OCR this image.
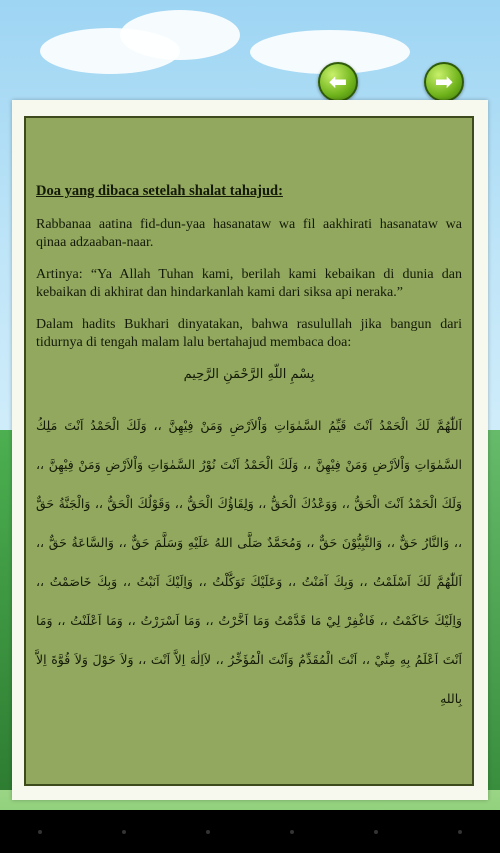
⬅	➡

Doa yang dibaca setelah shalat tahajud:

Rabbanaa aatina fid-dun-yaa hasanataw wa fil aakhirati hasanataw wa qinaa adzaaban-naar.

Artinya: “Ya Allah Tuhan kami, berilah kami kebaikan di dunia dan kebaikan di akhirat dan hindarkanlah kami dari siksa api neraka.”

Dalam hadits Bukhari dinyatakan, bahwa rasulullah jika bangun dari tidurnya di tengah malam lalu bertahajud membaca doa:

بِسْمِ اللّهِ الرَّحْمَنِ الرَّحِيم

اَللّٰهُمَّ لَكَ الْحَمْدُ اَنْتَ قَيِّمُ السَّمٰوَاتِ وَاْلاَرْضِ وَمَنْ فِيْهِنَّ ،، وَلَكَ الْحَمْدُ اَنْتَ مَلِكُ السَّمٰوَاتِ وَاْلاَرْضِ وَمَنْ فِيْهِنَّ ،، وَلَكَ الْحَمْدُ اَنْتَ نُوْرُ السَّمٰوَاتِ وَاْلاَرْضِ وَمَنْ فِيْهِنَّ ،، وَلَكَ الْحَمْدُ اَنْتَ الْحَقُّ ،، وَوَعْدُكَ الْحَقُّ ،، وَلِقَاؤُكَ الْحَقُّ ،، وَقَوْلُكَ الْحَقُّ ،، وَالْجَنَّةُ حَقٌّ ،، وَالنَّارُ حَقٌّ ،، وَالنَّبِيُّوْنَ حَقٌّ ،، وَمُحَمَّدٌ صَلَّى اللهُ عَلَيْهِ وَسَلَّمَ حَقٌّ ،، وَالسَّاعَةُ حَقٌّ ،، اَللّٰهُمَّ لَكَ اَسْلَمْتُ ،، وَبِكَ آمَنْتُ ،، وَعَلَيْكَ تَوَكَّلْتُ ،، وَاِلَيْكَ اَنَبْتُ ،، وَبِكَ خَاصَمْتُ ،، وَاِلَيْكَ حَاكَمْتُ ،، فَاغْفِرْ لِيْ مَا قَدَّمْتُ وَمَا اَخَّرْتُ ،، وَمَا اَسْرَرْتُ ،، وَمَا اَعْلَنْتُ ،، وَمَا اَنْتَ اَعْلَمُ بِهِ مِنِّيْ ،، اَنْتَ الْمُقَدِّمُ وَاَنْتَ الْمُؤَخِّرُ ،، لاَاِلٰهَ اِلاَّ اَنْتَ ،، وَلاَ حَوْلَ وَلاَ قُوَّةَ اِلاَّ بِاللهِ
